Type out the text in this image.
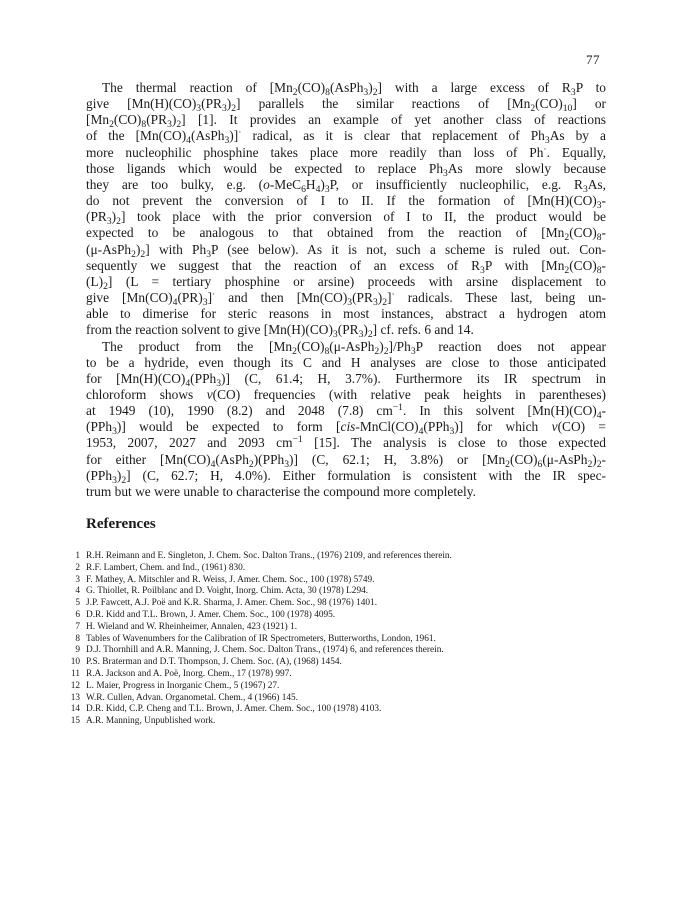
77

The thermal reaction of $[Mn_2(CO)_8(AsPh_3)_2]$ with a large excess of $R_3P$ to
give $[Mn(H)(CO)_3(PR_3)_2]$ parallels the similar reactions of $[Mn_2(CO)_{10}]$ or
$[Mn_2(CO)_8(PR_3)_2]$ [1]. It provides an example of yet another class of reactions
of the $[Mn(CO)_4(AsPh_3)]^\cdot$ radical, as it is clear that replacement of $Ph_3As$ by a
more nucleophilic phosphine takes place more readily than loss of Ph·. Equally,
those ligands which would be expected to replace $Ph_3As$ more slowly because
they are too bulky, e.g. $(o-MeC_6H_4)_3P$, or insufficiently nucleophilic, e.g. $R_3As$,
do not prevent the conversion of I to II. If the formation of [$Mn(H)(CO)_3-$
$(PR_3)_2$] took place with the prior conversion of I to II, the product would be
expected to be analogous to that obtained from the reaction of [$Mn_2(CO)_8-$
$(\mu-AsPh_2)_2$] with $Ph_3P$ (see below). As it is not, such a scheme is ruled out. Con-
sequently we suggest that the reaction of an excess of $R_3P$ with [$Mn_2(CO)_8-$
$(L)_2$] (L = tertiary phosphine or arsine) proceeds with arsine displacement to
give $[Mn(CO)_4(PR)_3]^\cdot$ and then $[Mn(CO)_3(PR_3)_2]^\cdot$ radicals. These last, being un-
able to dimerise for steric reasons in most instances, abstract a hydrogen atom
from the reaction solvent to give $[Mn(H)(CO)_3(PR_3)_2]$ cf. refs. 6 and 14.

The product from the $[Mn_2(CO)_8(\mu-AsPh_2)_2]/Ph_3P$ reaction does not appear
to be a hydride, even though its C and H analyses are close to those anticipated
for $[Mn(H)(CO)_4(PPh_3)]$ (C, 61.4; H, 3.7%). Furthermore its IR spectrum in
chloroform shows ν(CO) frequencies (with relative peak heights in parentheses)
at 1949 (10), 1990 (8.2) and 2048 (7.8) $cm^{-1}$. In this solvent [$Mn(H)(CO)_4-$
(PPh$_3$)] would be expected to form $[cis-MnCl(CO)_4(PPh_3)]$ for which ν(CO) =
1953, 2007, 2027 and 2093 $cm^{-1}$ [15]. The analysis is close to those expected
for either $[Mn(CO)_4(AsPh_2)(PPh_3)]$ (C, 62.1; H, 3.8%) or [$Mn_2(CO)_6(\mu-AsPh_2)_2-$
$(PPh_3)_2$] (C, 62.7; H, 4.0%). Either formulation is consistent with the IR spec-
trum but we were unable to characterise the compound more completely.

References
1 R.H. Reimann and E. Singleton, J. Chem. Soc. Dalton Trans., (1976) 2109, and references therein.
2 R.F. Lambert, Chem. and Ind., (1961) 830.
3 F. Mathey, A. Mitschler and R. Weiss, J. Amer. Chem. Soc., 100 (1978) 5749.
4 G. Thiollet, R. Poilblanc and D. Voight, Inorg. Chim. Acta, 30 (1978) L294.
5 J.P. Fawcett, A.J. Poë and K.R. Sharma, J. Amer. Chem. Soc., 98 (1976) 1401.
6 D.R. Kidd and T.L. Brown, J. Amer. Chem. Soc., 100 (1978) 4095.
7 H. Wieland and W. Rheinheimer, Annalen, 423 (1921) 1.
8 Tables of Wavenumbers for the Calibration of IR Spectrometers, Butterworths, London, 1961.
9 D.J. Thornhill and A.R. Manning, J. Chem. Soc. Dalton Trans., (1974) 6, and references therein.
10 P.S. Braterman and D.T. Thompson, J. Chem. Soc. (A), (1968) 1454.
11 R.A. Jackson and A. Poë, Inorg. Chem., 17 (1978) 997.
12 L. Maier, Progress in Inorganic Chem., 5 (1967) 27.
13 W.R. Cullen, Advan. Organometal. Chem., 4 (1966) 145.
14 D.R. Kidd, C.P. Cheng and T.L. Brown, J. Amer. Chem. Soc., 100 (1978) 4103.
15 A.R. Manning, Unpublished work.
